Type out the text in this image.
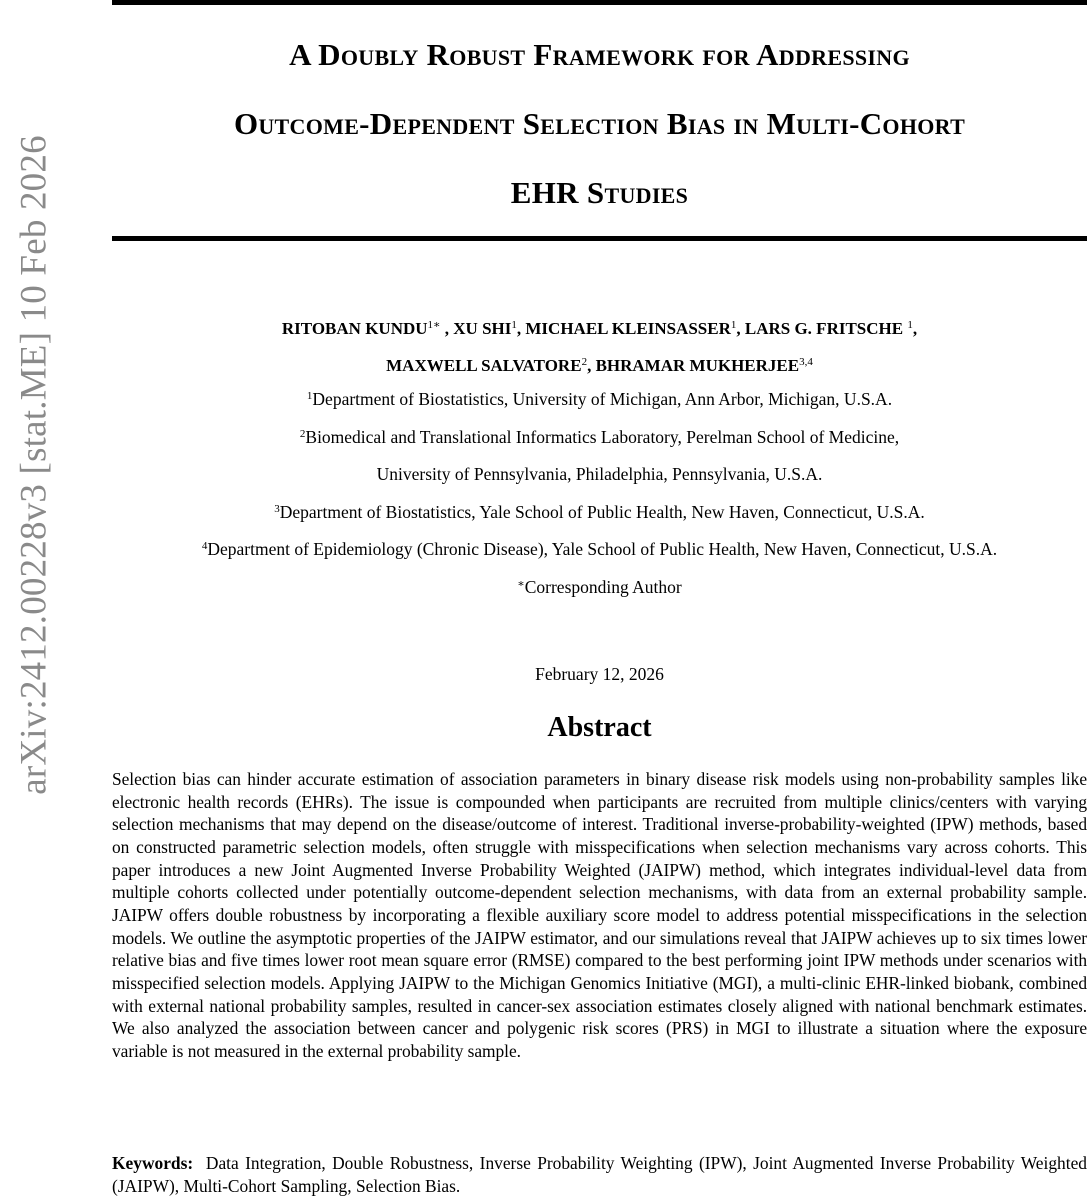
arXiv:2412.00228v3 [stat.ME] 10 Feb 2026
A Doubly Robust Framework for Addressing
Outcome-Dependent Selection Bias in Multi-Cohort
EHR Studies
RITOBAN $KUNDU^{1∗}$ , XU SHI$^1$, MICHAEL KLEINSASSER$^1$, LARS G. FRITSCHE $^1$,
MAXWELL SALVATORE$^2$, BHRAMAR MUKHERJEE$^{3,4}$
$^1$Department of Biostatistics, University of Michigan, Ann Arbor, Michigan, U.S.A.
$^2$Biomedical and Translational Informatics Laboratory, Perelman School of Medicine,
University of Pennsylvania, Philadelphia, Pennsylvania, U.S.A.
$^3$Department of Biostatistics, Yale School of Public Health, New Haven, Connecticut, U.S.A.
$^4$Department of Epidemiology (Chronic Disease), Yale School of Public Health, New Haven, Connecticut, U.S.A.
∗Corresponding Author
February 12, 2026
Abstract

Selection bias can hinder accurate estimation of association parameters in binary disease risk models using non-probability samples like electronic health records (EHRs). The issue is compounded when participants are recruited from multiple clinics/centers with varying selection mechanisms that may depend on the disease/outcome of interest. Traditional inverse-probability-weighted (IPW) methods, based on constructed parametric selection models, often struggle with misspecifications when selection mechanisms vary across cohorts. This paper introduces a new Joint Augmented Inverse Probability Weighted (JAIPW) method, which integrates individual-level data from multiple cohorts collected under potentially outcome-dependent selection mechanisms, with data from an external probability sample. JAIPW offers double robustness by incorporating a flexible auxiliary score model to address potential misspecifications in the selection models. We outline the asymptotic properties of the JAIPW estimator, and our simulations reveal that JAIPW achieves up to six times lower relative bias and five times lower root mean square error (RMSE) compared to the best performing joint IPW methods under scenarios with misspecified selection models. Applying JAIPW to the Michigan Genomics Initiative (MGI), a multi-clinic EHR-linked biobank, combined with external national probability samples, resulted in cancer-sex association estimates closely aligned with national benchmark estimates. We also analyzed the association between cancer and polygenic risk scores (PRS) in MGI to illustrate a situation where the exposure variable is not measured in the external probability sample.

Keywords: Data Integration, Double Robustness, Inverse Probability Weighting (IPW), Joint Augmented Inverse Probability Weighted (JAIPW), Multi-Cohort Sampling, Selection Bias.
